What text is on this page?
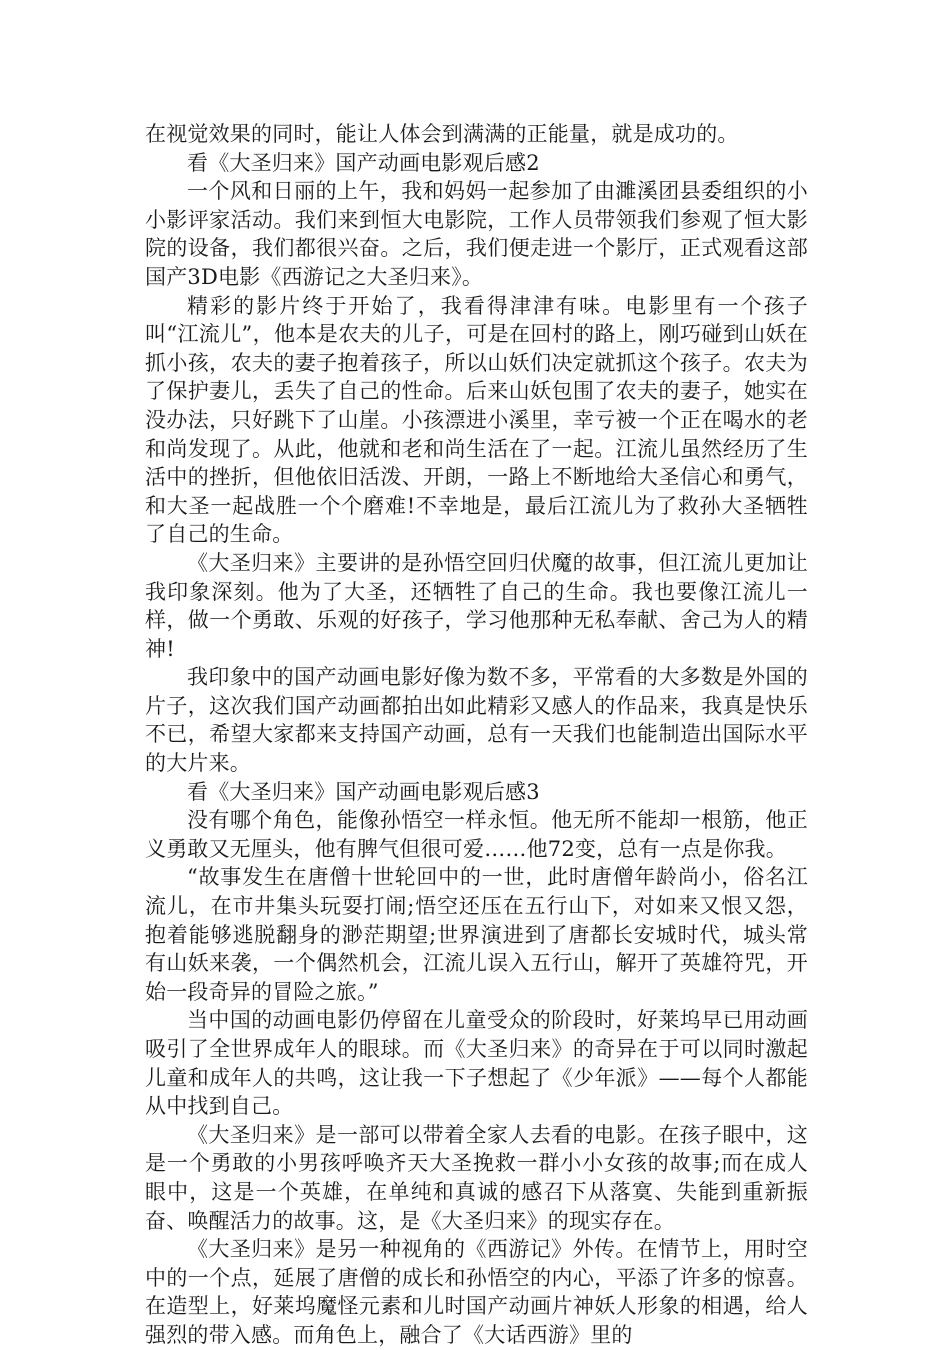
在视觉效果的同时，能让人体会到满满的正能量，就是成功的。

看《大圣归来》国产动画电影观后感2

一个风和日丽的上午，我和妈妈一起参加了由濉溪团县委组织的小小影评家活动。我们来到恒大电影院，工作人员带领我们参观了恒大影院的设备，我们都很兴奋。之后，我们便走进一个影厅，正式观看这部国产3D电影《西游记之大圣归来》。

精彩的影片终于开始了，我看得津津有味。电影里有一个孩子叫“江流儿”，他本是农夫的儿子，可是在回村的路上，刚巧碰到山妖在抓小孩，农夫的妻子抱着孩子，所以山妖们决定就抓这个孩子。农夫为了保护妻儿，丢失了自己的性命。后来山妖包围了农夫的妻子，她实在没办法，只好跳下了山崖。小孩漂进小溪里，幸亏被一个正在喝水的老和尚发现了。从此，他就和老和尚生活在了一起。江流儿虽然经历了生活中的挫折，但他依旧活泼、开朗，一路上不断地给大圣信心和勇气，和大圣一起战胜一个个磨难!不幸地是，最后江流儿为了救孙大圣牺牲了自己的生命。

《大圣归来》主要讲的是孙悟空回归伏魔的故事，但江流儿更加让我印象深刻。他为了大圣，还牺牲了自己的生命。我也要像江流儿一样，做一个勇敢、乐观的好孩子，学习他那种无私奉献、舍己为人的精神!

我印象中的国产动画电影好像为数不多，平常看的大多数是外国的片子，这次我们国产动画都拍出如此精彩又感人的作品来，我真是快乐不已，希望大家都来支持国产动画，总有一天我们也能制造出国际水平的大片来。

看《大圣归来》国产动画电影观后感3

没有哪个角色，能像孙悟空一样永恒。他无所不能却一根筋，他正义勇敢又无厘头，他有脾气但很可爱……他72变，总有一点是你我。

“故事发生在唐僧十世轮回中的一世，此时唐僧年龄尚小，俗名江流儿，在市井集头玩耍打闹;悟空还压在五行山下，对如来又恨又怨，抱着能够逃脱翻身的渺茫期望;世界演进到了唐都长安城时代，城头常有山妖来袭，一个偶然机会，江流儿误入五行山，解开了英雄符咒，开始一段奇异的冒险之旅。”

当中国的动画电影仍停留在儿童受众的阶段时，好莱坞早已用动画吸引了全世界成年人的眼球。而《大圣归来》的奇异在于可以同时激起儿童和成年人的共鸣，这让我一下子想起了《少年派》——每个人都能从中找到自己。

《大圣归来》是一部可以带着全家人去看的电影。在孩子眼中，这是一个勇敢的小男孩呼唤齐天大圣挽救一群小小女孩的故事;而在成人眼中，这是一个英雄，在单纯和真诚的感召下从落寞、失能到重新振奋、唤醒活力的故事。这，是《大圣归来》的现实存在。

《大圣归来》是另一种视角的《西游记》外传。在情节上，用时空中的一个点，延展了唐僧的成长和孙悟空的内心，平添了许多的惊喜。在造型上，好莱坞魔怪元素和儿时国产动画片神妖人形象的相遇，给人强烈的带入感。而角色上，融合了《大话西游》里的
